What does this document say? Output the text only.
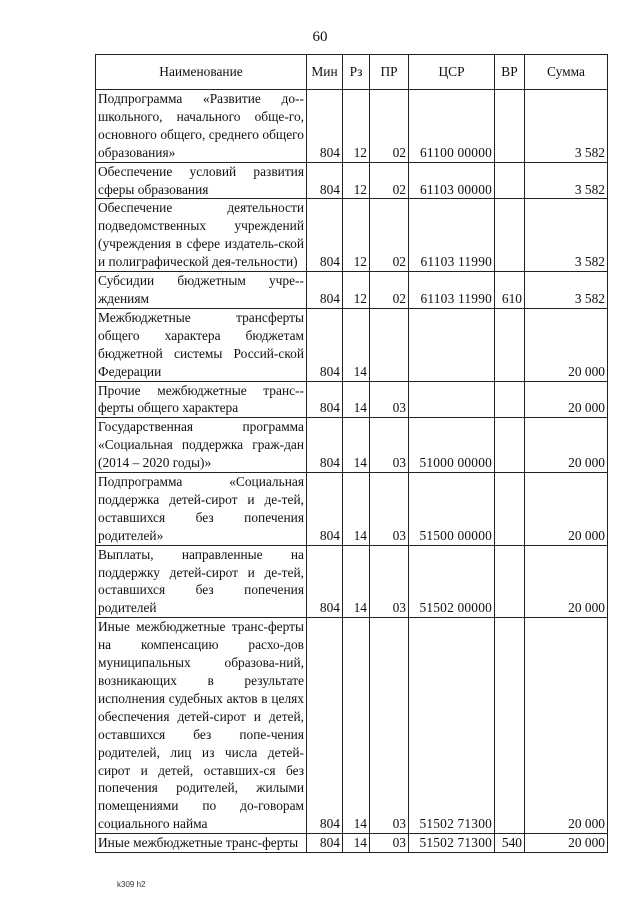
60
Наименование	Мин	Рз	ПР	ЦСР	ВР	Сумма
Подпрограмма «Развитие до-школьного, начального обще-го, основного общего, среднего общего образования»	804	12	02	61100 00000		3 582
Обеспечение условий развития сферы образования	804	12	02	61103 00000		3 582
Обеспечение деятельности подведомственных учреждений (учреждения в сфере издатель-ской и полиграфической дея-тельности)	804	12	02	61103 11990		3 582
Субсидии бюджетным учре-ждениям	804	12	02	61103 11990	610	3 582
Межбюджетные трансферты общего характера бюджетам бюджетной системы Россий-ской Федерации	804	14				20 000
Прочие межбюджетные транс-ферты общего характера	804	14	03			20 000
Государственная программа «Социальная поддержка граж-дан (2014 – 2020 годы)»	804	14	03	51000 00000		20 000
Подпрограмма «Социальная поддержка детей-сирот и де-тей, оставшихся без попечения родителей»	804	14	03	51500 00000		20 000
Выплаты, направленные на поддержку детей-сирот и де-тей, оставшихся без попечения родителей	804	14	03	51502 00000		20 000
Иные межбюджетные транс-ферты на компенсацию расхо-дов муниципальных образова-ний, возникающих в результате исполнения судебных актов в целях обеспечения детей-сирот и детей, оставшихся без попе-чения родителей, лиц из числа детей-сирот и детей, оставших-ся без попечения родителей, жилыми помещениями по до-говорам социального найма	804	14	03	51502 71300		20 000
Иные межбюджетные транс-ферты	804	14	03	51502 71300	540	20 000
k309 h2
